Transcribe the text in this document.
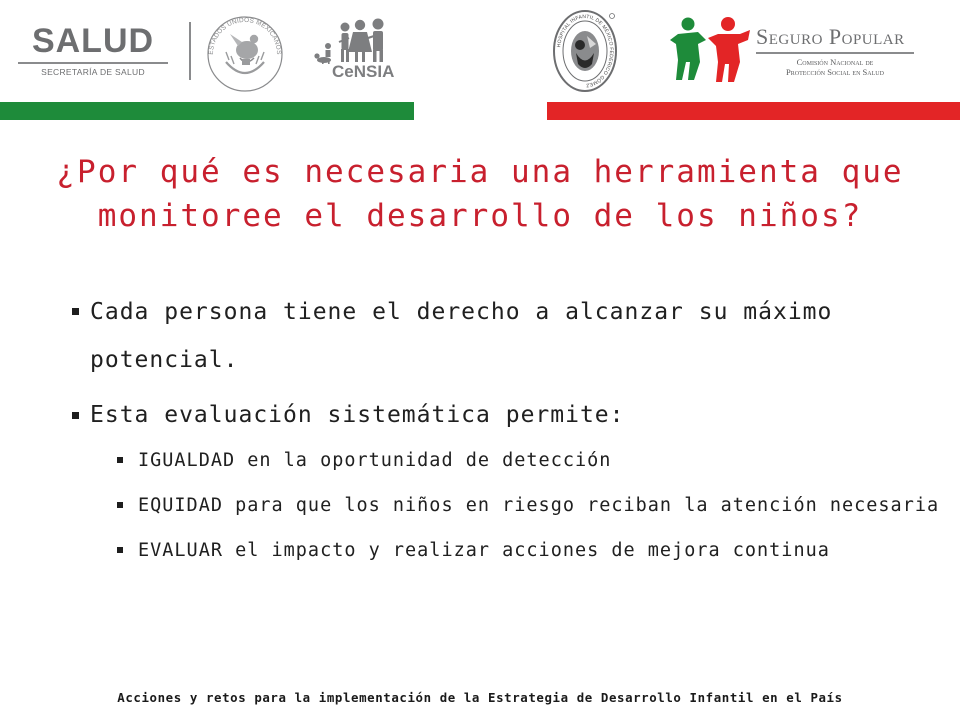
SALUD
SECRETARÍA DE SALUD
ESTADOS UNIDOS MEXICANOS
CeNSIA
HOSPITAL INFANTIL DE MÉXICO FEDERICO GÓMEZ
Seguro Popular
Comisión Nacional de
Protección Social en Salud
¿Por qué es necesaria una herramienta que monitoree el desarrollo de los niños?
Cada persona tiene el derecho a alcanzar su máximo potencial.
Esta evaluación sistemática permite:
IGUALDAD en la oportunidad de detección
EQUIDAD para que los niños en riesgo reciban la atención necesaria
EVALUAR el impacto y realizar acciones de mejora continua
Acciones y retos para la implementación de la Estrategia de Desarrollo Infantil en el País
